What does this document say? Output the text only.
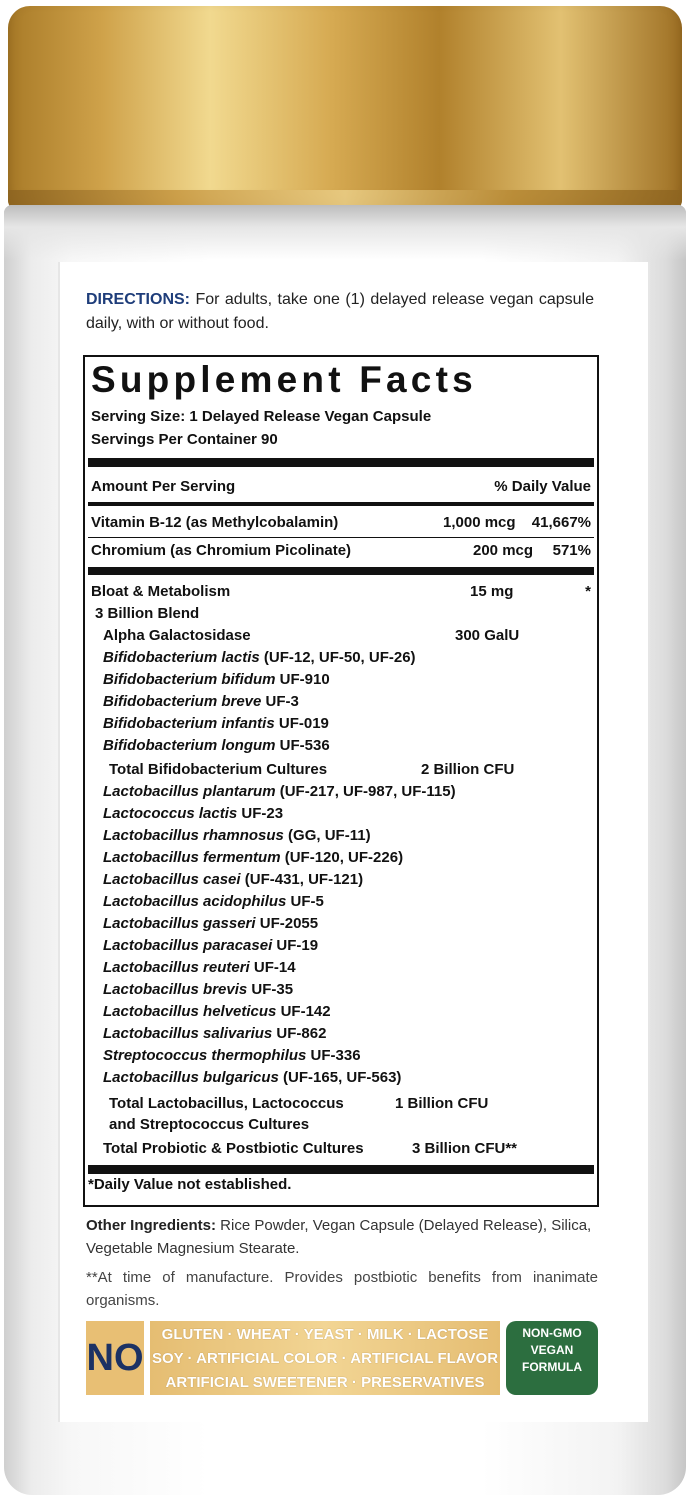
DIRECTIONS: For adults, take one (1) delayed release vegan capsule daily, with or without food.
Supplement Facts
Serving Size: 1 Delayed Release Vegan Capsule
Servings Per Container 90
Amount Per Serving	% Daily Value
Vitamin B-12 (as Methylcobalamin)	1,000 mcg 41,667%
Chromium (as Chromium Picolinate)	200 mcg 571%
Bloat & Metabolism	15 mg	*
3 Billion Blend
Alpha Galactosidase	300 GalU
Bifidobacterium lactis (UF-12, UF-50, UF-26)
Bifidobacterium bifidum UF-910
Bifidobacterium breve UF-3
Bifidobacterium infantis UF-019
Bifidobacterium longum UF-536
Total Bifidobacterium Cultures	2 Billion CFU
Lactobacillus plantarum (UF-217, UF-987, UF-115)
Lactococcus lactis UF-23
Lactobacillus rhamnosus (GG, UF-11)
Lactobacillus fermentum (UF-120, UF-226)
Lactobacillus casei (UF-431, UF-121)
Lactobacillus acidophilus UF-5
Lactobacillus gasseri UF-2055
Lactobacillus paracasei UF-19
Lactobacillus reuteri UF-14
Lactobacillus brevis UF-35
Lactobacillus helveticus UF-142
Lactobacillus salivarius UF-862
Streptococcus thermophilus UF-336
Lactobacillus bulgaricus (UF-165, UF-563)
Total Lactobacillus, Lactococcus	1 Billion CFU
and Streptococcus Cultures
Total Probiotic & Postbiotic Cultures	3 Billion CFU**
*Daily Value not established.
Other Ingredients: Rice Powder, Vegan Capsule (Delayed Release), Silica, Vegetable Magnesium Stearate.
**At time of manufacture. Provides postbiotic benefits from inanimate organisms.
NO
GLUTEN · WHEAT · YEAST · MILK · LACTOSE
SOY · ARTIFICIAL COLOR · ARTIFICIAL FLAVOR
ARTIFICIAL SWEETENER · PRESERVATIVES
NON-GMO
VEGAN
FORMULA
